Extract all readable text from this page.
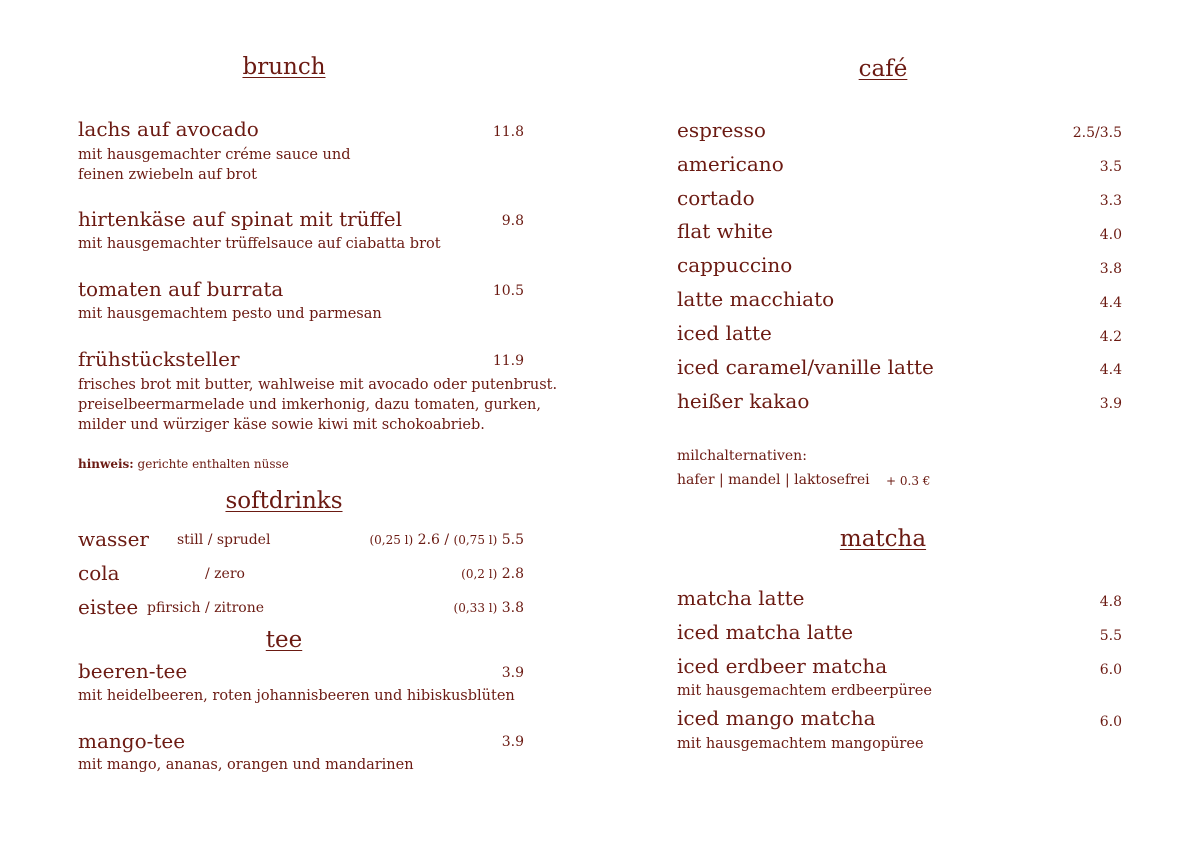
brunch
lachs auf avocado	11.8
mit hausgemachter créme sauce und
feinen zwiebeln auf brot
hirtenkäse auf spinat mit trüffel	9.8
mit hausgemachter trüffelsauce auf ciabatta brot
tomaten auf burrata	10.5
mit hausgemachtem pesto und parmesan
frühstücksteller	11.9
frisches brot mit butter, wahlweise mit avocado oder putenbrust.
preiselbeermarmelade und imkerhonig, dazu tomaten, gurken,
milder und würziger käse sowie kiwi mit schokoabrieb.
hinweis: gerichte enthalten nüsse
softdrinks
wasser still / sprudel	(0,25 l) 2.6 / (0,75 l) 5.5
cola	/ zero	(0,2 l) 2.8
eistee pfirsich / zitrone	(0,33 l) 3.8
tee
beeren-tee	3.9
mit heidelbeeren, roten johannisbeeren und hibiskusblüten
mango-tee	3.9
mit mango, ananas, orangen und mandarinen
café
espresso	2.5/3.5
americano	3.5
cortado	3.3
flat white	4.0
cappuccino	3.8
latte macchiato	4.4
iced latte	4.2
iced caramel/vanille latte	4.4
heißer kakao	3.9
milchalternativen:
hafer | mandel | laktosefrei + 0.3 €
matcha
matcha latte	4.8
iced matcha latte	5.5
iced erdbeer matcha	6.0
mit hausgemachtem erdbeerpüree
iced mango matcha	6.0
mit hausgemachtem mangopüree
